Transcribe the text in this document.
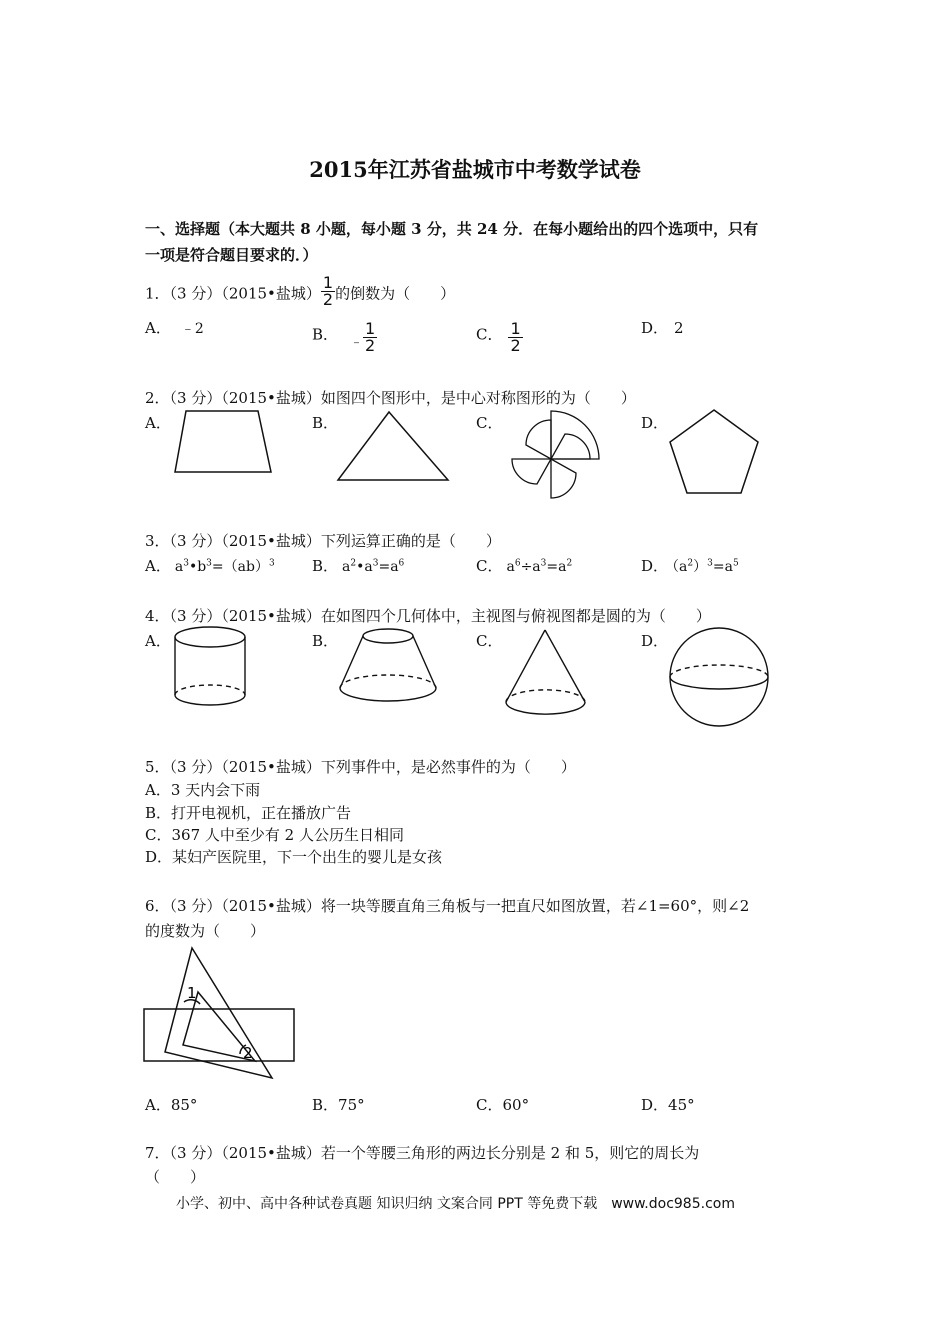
2015年江苏省盐城市中考数学试卷
一、选择题（本大题共 8 小题，每小题 3 分，共 24 分．在每小题给出的四个选项中，只有
一项是符合题目要求的．）
1．（3 分）（2015•盐城） $\frac{1}{2}$ 的倒数为（　　）
A． ﹣2	B． ﹣ $\frac{1}{2}$	C． $\frac{1}{2}$	D． 2
2．（3 分）（2015•盐城）如图四个图形中，是中心对称图形的为（　　）
A．	B．	C．	D．
3．（3 分）（2015•盐城）下列运算正确的是（　　）
A． $a^3•b^3=(ab)^3$ B． $a^2•a^3=a^6$	C． $a^6\div a^3=a^2$	D． $(a^2)^3=a^5$
4．（3 分）（2015•盐城）在如图四个几何体中，主视图与俯视图都是圆的为（　　）
A．	B．	C．	D．
5．（3 分）（2015•盐城）下列事件中，是必然事件的为（　　）
A．3 天内会下雨
B．打开电视机，正在播放广告
C．367 人中至少有 2 人公历生日相同
D．某妇产医院里，下一个出生的婴儿是女孩
6．（3 分）（2015•盐城）将一块等腰直角三角板与一把直尺如图放置，若∠1=60°，则∠2
的度数为（　　）
1
2
A．85°	B．75°	C．60°	D．45°
7．（3 分）（2015•盐城）若一个等腰三角形的两边长分别是 2 和 5，则它的周长为
（　　）
小学、初中、高中各种试卷真题 知识归纳 文案合同 PPT 等免费下载　www.doc985.com
